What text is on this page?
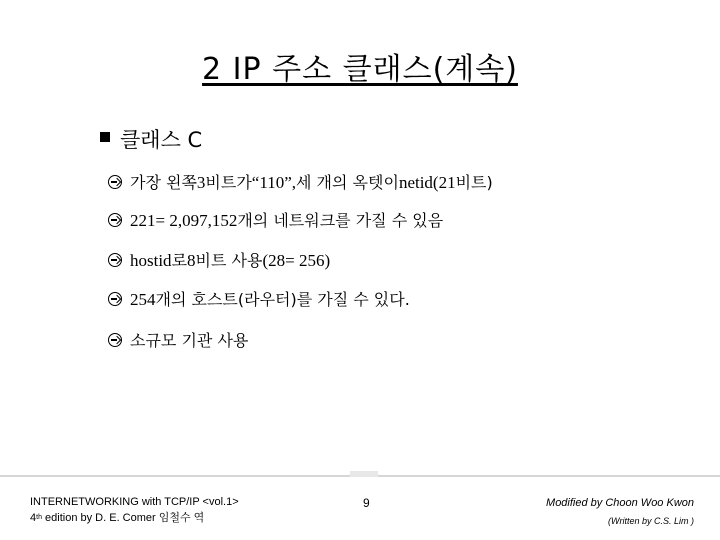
2 IP 주소 클래스(계속)
클래스 C
가장 왼쪽 3 비트가 “110”, 세 개의 옥텟이 netid(21 비트)
2 21 = 2,097,152 개의 네트워크를 가질 수 있음
hostid 로 8 비트 사용 (2 8 = 256)
254 개의 호스트(라우터)를 가질 수 있다.
소규모 기관 사용
INTERNETWORKING with TCP/IP <vol.1>
4th edition by D. E. Comer 임철수 역
9	Modified by Choon Woo Kwon
(Written by C.S. Lim )
